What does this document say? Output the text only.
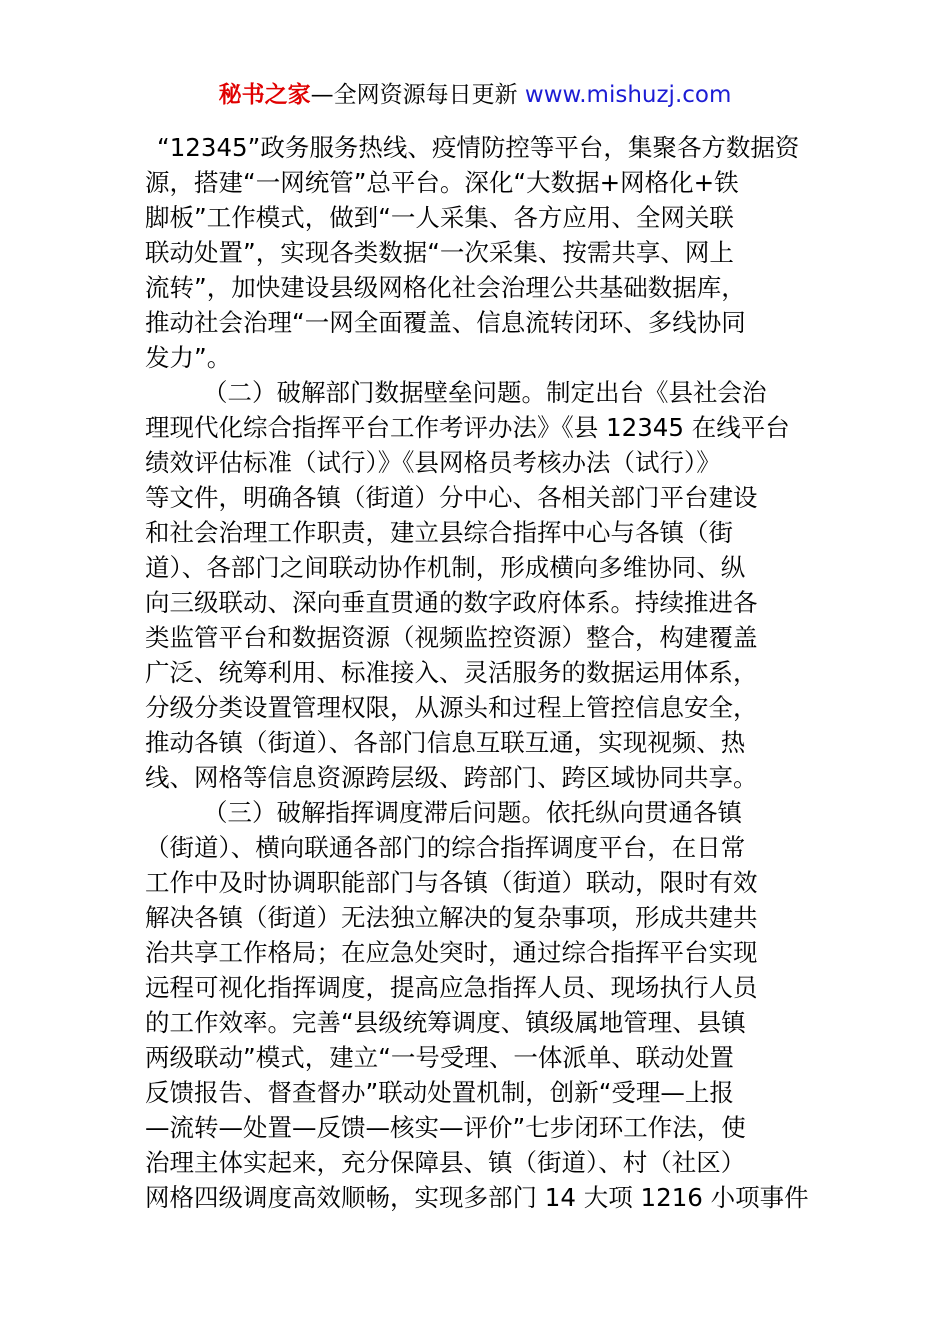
秘书之家—全网资源每日更新 www.mishuzj.com
“12345”政务服务热线、疫情防控等平台，集聚各方数据资
源，搭建“一网统管”总平台。深化“大数据+网格化+铁
脚板”工作模式，做到“一人采集、各方应用、全网关联
联动处置”，实现各类数据“一次采集、按需共享、网上
流转”，加快建设县级网格化社会治理公共基础数据库，
推动社会治理“一网全面覆盖、信息流转闭环、多线协同
发力”。
（二）破解部门数据壁垒问题。制定出台《县社会治
理现代化综合指挥平台工作考评办法》《县 12345 在线平台
绩效评估标准（试行）》《县网格员考核办法（试行）》
等文件，明确各镇（街道）分中心、各相关部门平台建设
和社会治理工作职责，建立县综合指挥中心与各镇（街
道）、各部门之间联动协作机制，形成横向多维协同、纵
向三级联动、深向垂直贯通的数字政府体系。持续推进各
类监管平台和数据资源（视频监控资源）整合，构建覆盖
广泛、统筹利用、标准接入、灵活服务的数据运用体系，
分级分类设置管理权限，从源头和过程上管控信息安全，
推动各镇（街道）、各部门信息互联互通，实现视频、热
线、网格等信息资源跨层级、跨部门、跨区域协同共享。
（三）破解指挥调度滞后问题。依托纵向贯通各镇
（街道）、横向联通各部门的综合指挥调度平台，在日常
工作中及时协调职能部门与各镇（街道）联动，限时有效
解决各镇（街道）无法独立解决的复杂事项，形成共建共
治共享工作格局；在应急处突时，通过综合指挥平台实现
远程可视化指挥调度，提高应急指挥人员、现场执行人员
的工作效率。完善“县级统筹调度、镇级属地管理、县镇
两级联动”模式，建立“一号受理、一体派单、联动处置
反馈报告、督查督办”联动处置机制，创新“受理—上报
—流转—处置—反馈—核实—评价”七步闭环工作法，使
治理主体实起来，充分保障县、镇（街道）、村（社区）
网格四级调度高效顺畅，实现多部门 14 大项 1216 小项事件
